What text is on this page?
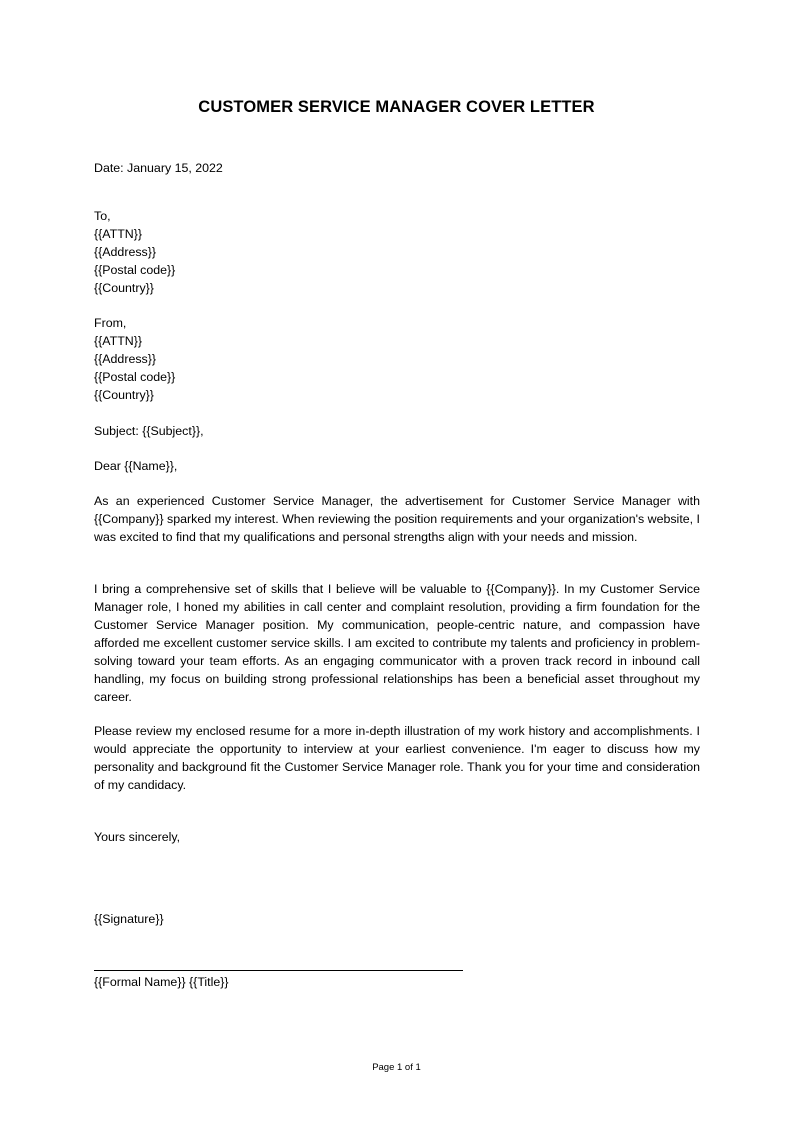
CUSTOMER SERVICE MANAGER COVER LETTER
Date: January 15, 2022
To,
{{ATTN}}
{{Address}}
{{Postal code}}
{{Country}}
From,
{{ATTN}}
{{Address}}
{{Postal code}}
{{Country}}
Subject: {{Subject}},
Dear {{Name}},
As an experienced Customer Service Manager, the advertisement for Customer Service Manager with {{Company}} sparked my interest. When reviewing the position requirements and your organization's website, I was excited to find that my qualifications and personal strengths align with your needs and mission.
I bring a comprehensive set of skills that I believe will be valuable to {{Company}}. In my Customer Service Manager role, I honed my abilities in call center and complaint resolution, providing a firm foundation for the Customer Service Manager position. My communication, people-centric nature, and compassion have afforded me excellent customer service skills. I am excited to contribute my talents and proficiency in problem-solving toward your team efforts. As an engaging communicator with a proven track record in inbound call handling, my focus on building strong professional relationships has been a beneficial asset throughout my career.
Please review my enclosed resume for a more in-depth illustration of my work history and accomplishments. I would appreciate the opportunity to interview at your earliest convenience. I'm eager to discuss how my personality and background fit the Customer Service Manager role. Thank you for your time and consideration of my candidacy.
Yours sincerely,
{{Signature}}
{{Formal Name}} {{Title}}
Page 1 of 1
